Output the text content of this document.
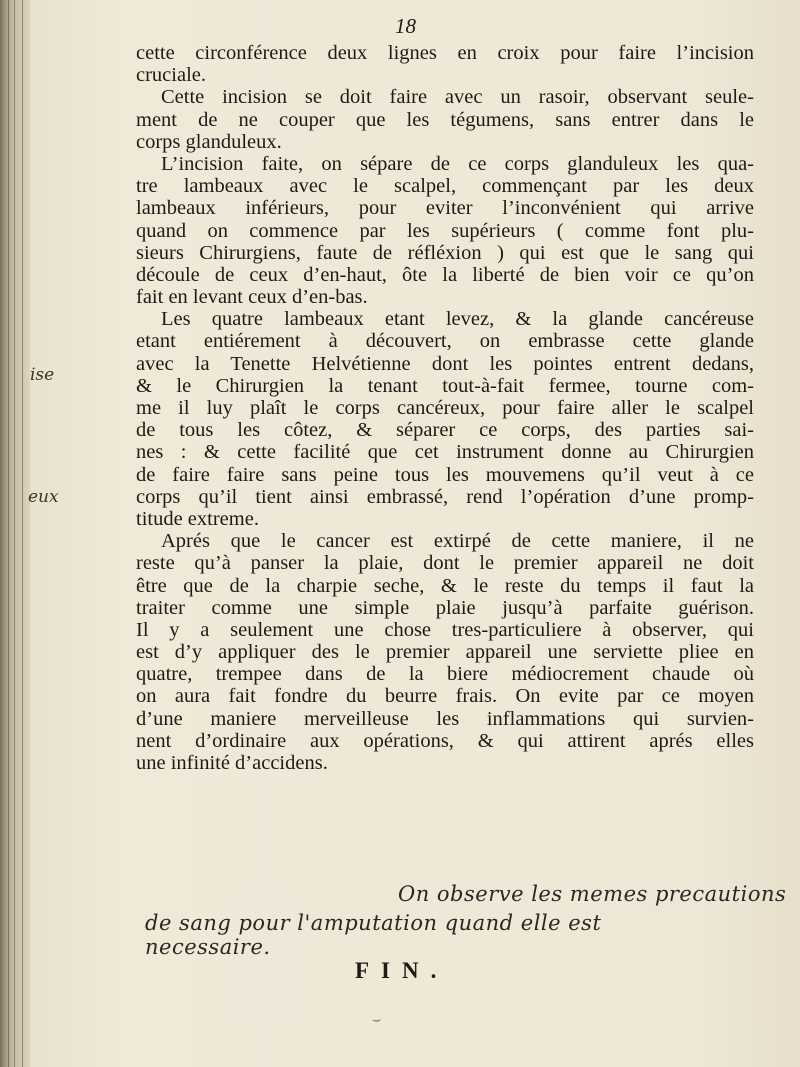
18
cette circonférence deux lignes en croix pour faire l’incision
cruciale.
Cette incision se doit faire avec un rasoir, observant seule-
ment de ne couper que les tégumens, sans entrer dans le
corps glanduleux.
L’incision faite, on sépare de ce corps glanduleux les qua-
tre lambeaux avec le scalpel, commençant par les deux
lambeaux inférieurs, pour eviter l’inconvénient qui arrive
quand on commence par les supérieurs ( comme font plu-
sieurs Chirurgiens, faute de réfléxion ) qui est que le sang qui
découle de ceux d’en-haut, ôte la liberté de bien voir ce qu’on
fait en levant ceux d’en-bas.
Les quatre lambeaux etant levez, & la glande cancéreuse
etant entiérement à découvert, on embrasse cette glande
avec la Tenette Helvétienne dont les pointes entrent dedans,
& le Chirurgien la tenant tout-à-fait fermee, tourne com-
me il luy plaît le corps cancéreux, pour faire aller le scalpel
de tous les côtez, & séparer ce corps, des parties sai-
nes : & cette facilité que cet instrument donne au Chirurgien
de faire faire sans peine tous les mouvemens qu’il veut à ce
corps qu’il tient ainsi embrassé, rend l’opération d’une promp-
titude extreme.
Aprés que le cancer est extirpé de cette maniere, il ne
reste qu’à panser la plaie, dont le premier appareil ne doit
être que de la charpie seche, & le reste du temps il faut la
traiter comme une simple plaie jusqu’à parfaite guérison.
Il y a seulement une chose tres-particuliere à observer, qui
est d’y appliquer des le premier appareil une serviette pliee en
quatre, trempee dans de la biere médiocrement chaude où
on aura fait fondre du beurre frais. On evite par ce moyen
d’une maniere merveilleuse les inflammations qui survien-
nent d’ordinaire aux opérations, & qui attirent aprés elles
une infinité d’accidens.
ise
eux
On observe les memes precautions
de sang pour l'amputation quand elle est necessaire.
FIN.
⌣
